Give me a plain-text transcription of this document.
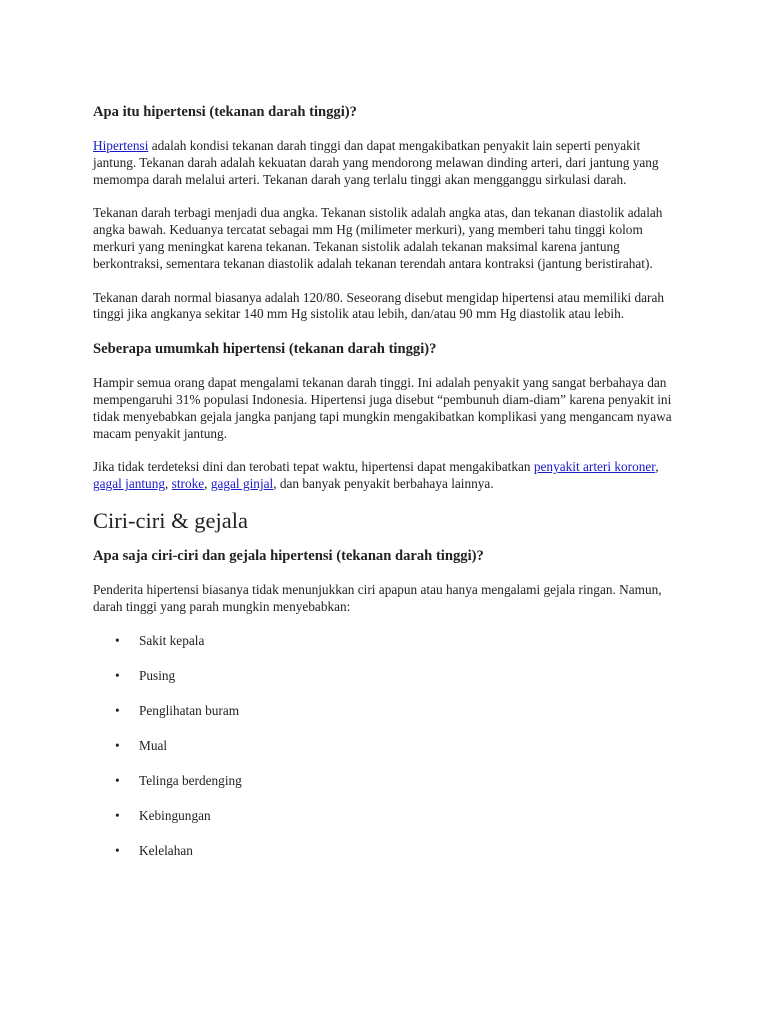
Apa itu hipertensi (tekanan darah tinggi)?

Hipertensi adalah kondisi tekanan darah tinggi dan dapat mengakibatkan penyakit lain seperti penyakit jantung. Tekanan darah adalah kekuatan darah yang mendorong melawan dinding arteri, dari jantung yang memompa darah melalui arteri. Tekanan darah yang terlalu tinggi akan mengganggu sirkulasi darah.

Tekanan darah terbagi menjadi dua angka. Tekanan sistolik adalah angka atas, dan tekanan diastolik adalah angka bawah. Keduanya tercatat sebagai mm Hg (milimeter merkuri), yang memberi tahu tinggi kolom merkuri yang meningkat karena tekanan. Tekanan sistolik adalah tekanan maksimal karena jantung berkontraksi, sementara tekanan diastolik adalah tekanan terendah antara kontraksi (jantung beristirahat).

Tekanan darah normal biasanya adalah 120/80. Seseorang disebut mengidap hipertensi atau memiliki darah tinggi jika angkanya sekitar 140 mm Hg sistolik atau lebih, dan/atau 90 mm Hg diastolik atau lebih.

Seberapa umumkah hipertensi (tekanan darah tinggi)?

Hampir semua orang dapat mengalami tekanan darah tinggi. Ini adalah penyakit yang sangat berbahaya dan mempengaruhi 31% populasi Indonesia. Hipertensi juga disebut “pembunuh diam-diam” karena penyakit ini tidak menyebabkan gejala jangka panjang tapi mungkin mengakibatkan komplikasi yang mengancam nyawa macam penyakit jantung.

Jika tidak terdeteksi dini dan terobati tepat waktu, hipertensi dapat mengakibatkan penyakit arteri koroner, gagal jantung, stroke, gagal ginjal, dan banyak penyakit berbahaya lainnya.

Ciri-ciri & gejala
Apa saja ciri-ciri dan gejala hipertensi (tekanan darah tinggi)?

Penderita hipertensi biasanya tidak menunjukkan ciri apapun atau hanya mengalami gejala ringan. Namun, darah tinggi yang parah mungkin menyebabkan:

• Sakit kepala
• Pusing
• Penglihatan buram
• Mual
• Telinga berdenging
• Kebingungan
• Kelelahan
